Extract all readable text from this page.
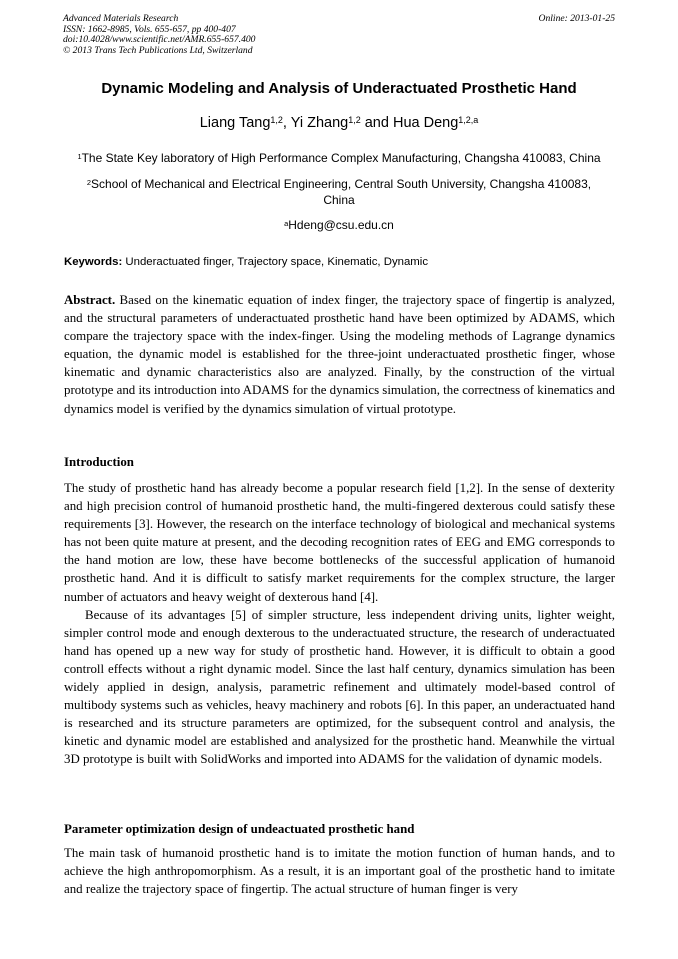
Advanced Materials Research
ISSN: 1662-8985, Vols. 655-657, pp 400-407
doi:10.4028/www.scientific.net/AMR.655-657.400
© 2013 Trans Tech Publications Ltd, Switzerland
Online: 2013-01-25
Dynamic Modeling and Analysis of Underactuated Prosthetic Hand
Liang Tang$^{1,2}$, Yi Zhang$^{1,2}$ and Hua Deng$^{1,2,a}$
$^1$The State Key laboratory of High Performance Complex Manufacturing, Changsha 410083, China
$^2$School of Mechanical and Electrical Engineering, Central South University, Changsha 410083,
China
$^a$Hdeng@csu.edu.cn
Keywords: Underactuated finger, Trajectory space, Kinematic, Dynamic

Abstract. Based on the kinematic equation of index finger, the trajectory space of fingertip is analyzed, and the structural parameters of underactuated prosthetic hand have been optimized by ADAMS, which compare the trajectory space with the index-finger. Using the modeling methods of Lagrange dynamics equation, the dynamic model is established for the three-joint underactuated prosthetic finger, whose kinematic and dynamic characteristics also are analyzed. Finally, by the construction of the virtual prototype and its introduction into ADAMS for the dynamics simulation, the correctness of kinematics and dynamics model is verified by the dynamics simulation of virtual prototype.

Introduction

The study of prosthetic hand has already become a popular research field [1,2]. In the sense of dexterity and high precision control of humanoid prosthetic hand, the multi-fingered dexterous could satisfy these requirements [3]. However, the research on the interface technology of biological and mechanical systems has not been quite mature at present, and the decoding recognition rates of EEG and EMG corresponds to the hand motion are low, these have become bottlenecks of the successful application of humanoid prosthetic hand. And it is difficult to satisfy market requirements for the complex structure, the larger number of actuators and heavy weight of dexterous hand [4].

Because of its advantages [5] of simpler structure, less independent driving units, lighter weight, simpler control mode and enough dexterous to the underactuated structure, the research of underactuated hand has opened up a new way for study of prosthetic hand. However, it is difficult to obtain a good controll effects without a right dynamic model. Since the last half century, dynamics simulation has been widely applied in design, analysis, parametric refinement and ultimately model-based control of multibody systems such as vehicles, heavy machinery and robots [6]. In this paper, an underactuated hand is researched and its structure parameters are optimized, for the subsequent control and analysis, the kinetic and dynamic model are established and analysized for the prosthetic hand. Meanwhile the virtual 3D prototype is built with SolidWorks and imported into ADAMS for the validation of dynamic models.

Parameter optimization design of undeactuated prosthetic hand

The main task of humanoid prosthetic hand is to imitate the motion function of human hands, and to achieve the high anthropomorphism. As a result, it is an important goal of the prosthetic hand to imitate and realize the trajectory space of fingertip. The actual structure of human finger is very
